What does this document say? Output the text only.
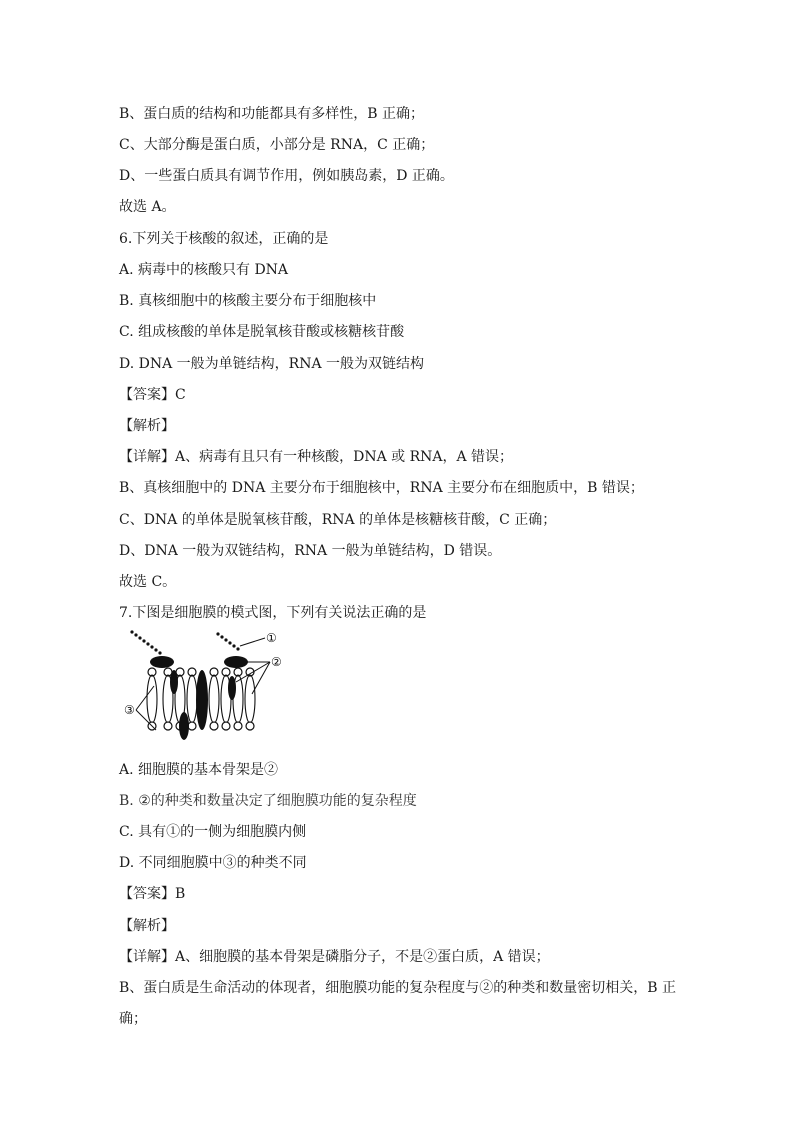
B、蛋白质的结构和功能都具有多样性，B 正确；
C、大部分酶是蛋白质，小部分是 RNA，C 正确；
D、一些蛋白质具有调节作用，例如胰岛素，D 正确。
故选 A。
6.下列关于核酸的叙述，正确的是
A. 病毒中的核酸只有 DNA
B. 真核细胞中的核酸主要分布于细胞核中
C. 组成核酸的单体是脱氧核苷酸或核糖核苷酸
D. DNA 一般为单链结构，RNA 一般为双链结构
【答案】C
【解析】
【详解】A、病毒有且只有一种核酸，DNA 或 RNA，A 错误；
B、真核细胞中的 DNA 主要分布于细胞核中，RNA 主要分布在细胞质中，B 错误；
C、DNA 的单体是脱氧核苷酸，RNA 的单体是核糖核苷酸，C 正确；
D、DNA 一般为双链结构，RNA 一般为单链结构，D 错误。
故选 C。
7.下图是细胞膜的模式图，下列有关说法正确的是
①
②
③
A. 细胞膜的基本骨架是②
B. ②的种类和数量决定了细胞膜功能的复杂程度
C. 具有①的一侧为细胞膜内侧
D. 不同细胞膜中③的种类不同
【答案】B
【解析】
【详解】A、细胞膜的基本骨架是磷脂分子，不是②蛋白质，A 错误；
B、蛋白质是生命活动的体现者，细胞膜功能的复杂程度与②的种类和数量密切相关，B 正
确；
